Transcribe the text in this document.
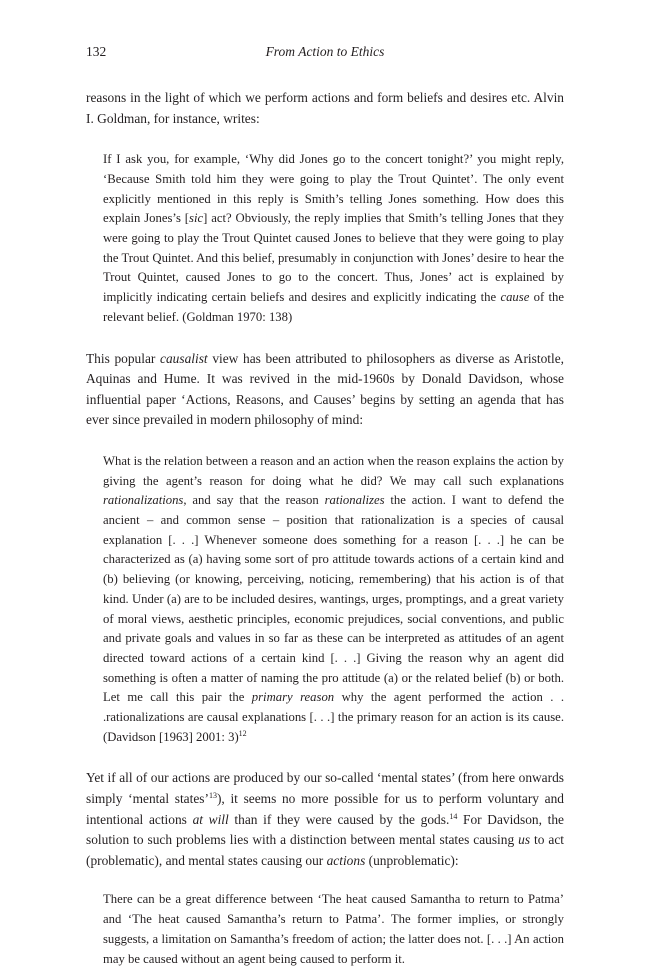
132	From Action to Ethics

reasons in the light of which we perform actions and form beliefs and desires etc. Alvin I. Goldman, for instance, writes:

If I ask you, for example, ‘Why did Jones go to the concert tonight?’ you might reply, ‘Because Smith told him they were going to play the Trout Quintet’. The only event explicitly mentioned in this reply is Smith’s telling Jones something. How does this explain Jones’s [sic] act? Obviously, the reply implies that Smith’s telling Jones that they were going to play the Trout Quintet caused Jones to believe that they were going to play the Trout Quintet. And this belief, presumably in conjunction with Jones’ desire to hear the Trout Quintet, caused Jones to go to the concert. Thus, Jones’ act is explained by implicitly indicating certain beliefs and desires and explicitly indicating the cause of the relevant belief. (Goldman 1970: 138)

This popular causalist view has been attributed to philosophers as diverse as Aristotle, Aquinas and Hume. It was revived in the mid-1960s by Donald Davidson, whose influential paper ‘Actions, Reasons, and Causes’ begins by setting an agenda that has ever since prevailed in modern philosophy of mind:

What is the relation between a reason and an action when the reason explains the action by giving the agent’s reason for doing what he did? We may call such explanations rationalizations, and say that the reason rationalizes the action. I want to defend the ancient – and common sense – position that rationalization is a species of causal explanation [. . .] Whenever someone does something for a reason [. . .] he can be characterized as (a) having some sort of pro attitude towards actions of a certain kind and (b) believing (or knowing, perceiving, noticing, remembering) that his action is of that kind. Under (a) are to be included desires, wantings, urges, promptings, and a great variety of moral views, aesthetic principles, economic prejudices, social conventions, and public and private goals and values in so far as these can be interpreted as attitudes of an agent directed toward actions of a certain kind [. . .] Giving the reason why an agent did something is often a matter of naming the pro attitude (a) or the related belief (b) or both. Let me call this pair the primary reason why the agent performed the action . . .rationalizations are causal explanations [. . .] the primary reason for an action is its cause. (Davidson [1963] 2001: 3)$^{12}$

Yet if all of our actions are produced by our so-called ‘mental states’ (from here onwards simply ‘mental states’$^{13}$), it seems no more possible for us to perform voluntary and intentional actions at will than if they were caused by the gods.$^{14}$ For Davidson, the solution to such problems lies with a distinction between mental states causing us to act (problematic), and mental states causing our actions (unproblematic):

There can be a great difference between ‘The heat caused Samantha to return to Patma’ and ‘The heat caused Samantha’s return to Patma’. The former implies, or strongly suggests, a limitation on Samantha’s freedom of action; the latter does not. [. . .] An action may be caused without an agent being caused to perform it.
